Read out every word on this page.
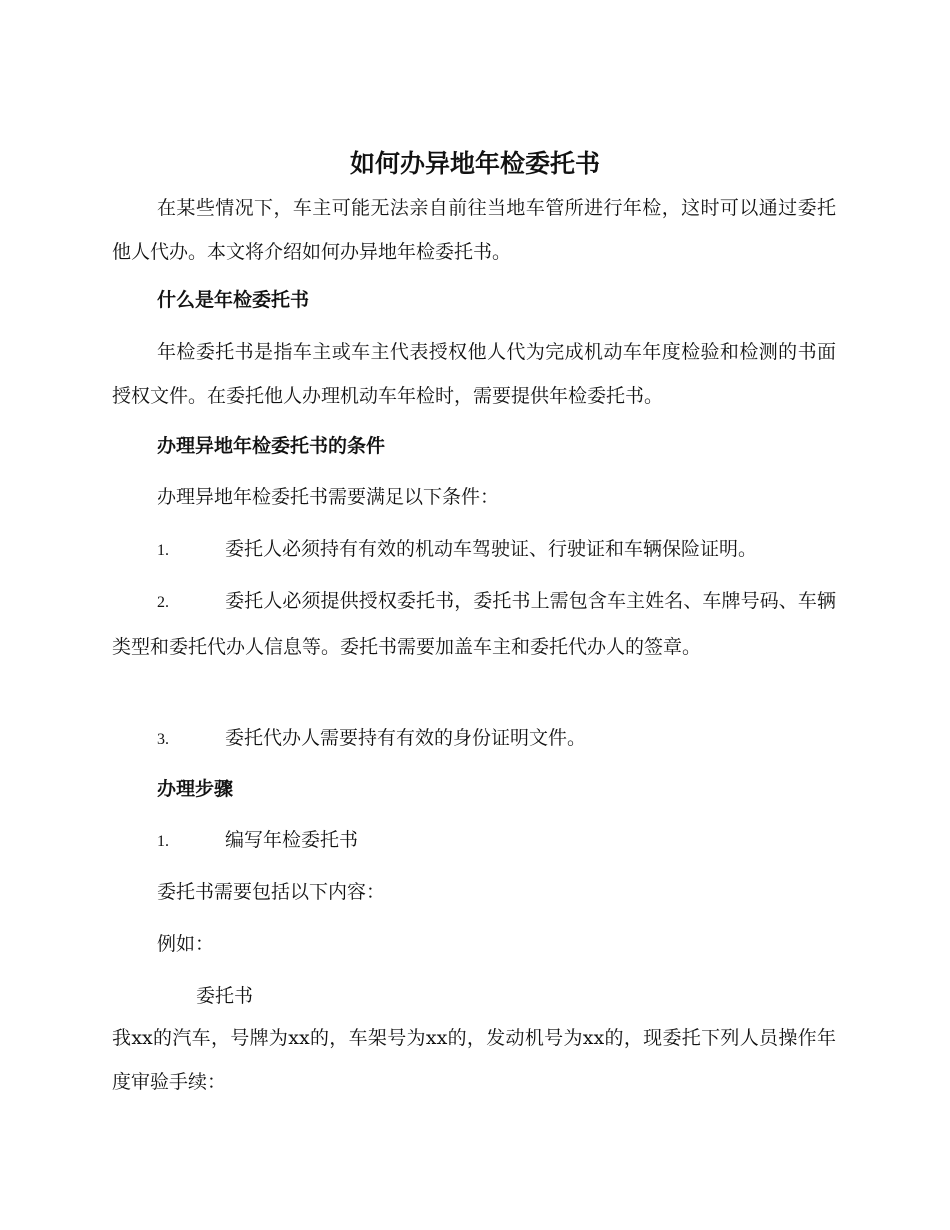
如何办异地年检委托书

在某些情况下，车主可能无法亲自前往当地车管所进行年检，这时可以通过委托他人代办。本文将介绍如何办异地年检委托书。

什么是年检委托书

年检委托书是指车主或车主代表授权他人代为完成机动车年度检验和检测的书面授权文件。在委托他人办理机动车年检时，需要提供年检委托书。

办理异地年检委托书的条件

办理异地年检委托书需要满足以下条件：

1.	委托人必须持有有效的机动车驾驶证、行驶证和车辆保险证明。

2.	委托人必须提供授权委托书，委托书上需包含车主姓名、车牌号码、车辆类型和委托代办人信息等。委托书需要加盖车主和委托代办人的签章。

3.	委托代办人需要持有有效的身份证明文件。

办理步骤

1.	编写年检委托书

委托书需要包括以下内容：

例如：

委托书

我xx的汽车，号牌为xx的，车架号为xx的，发动机号为xx的，现委托下列人员操作年度审验手续：
